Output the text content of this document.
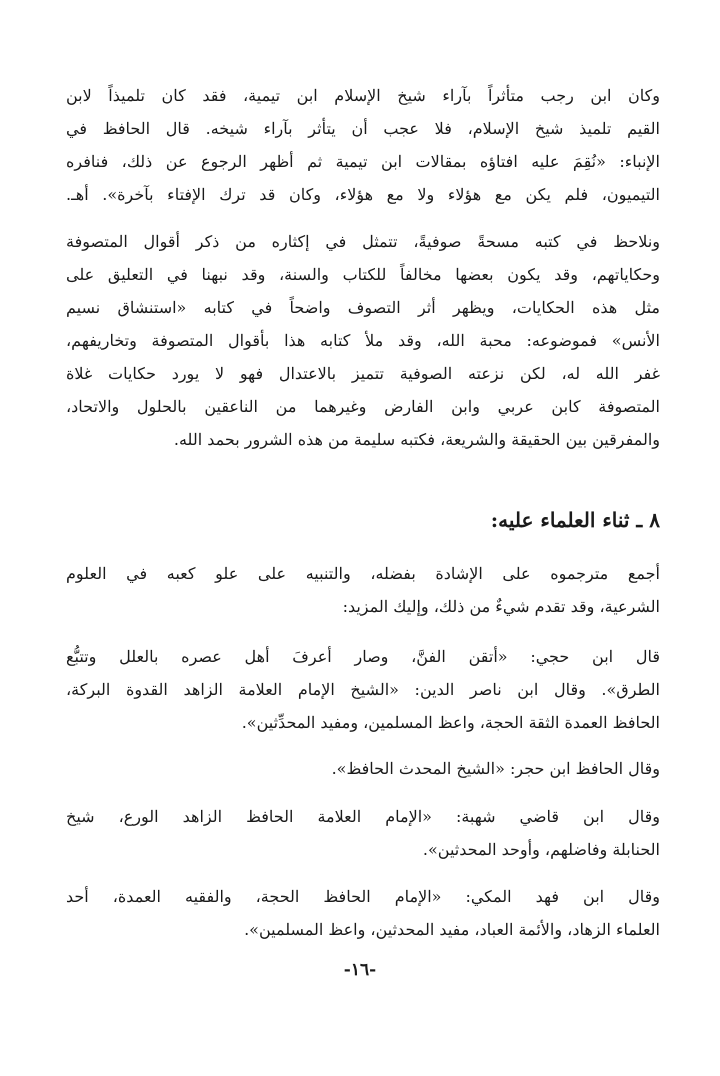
وكان ابن رجب متأثراً بآراء شيخ الإسلام ابن تيمية، فقد كان تلميذاً لابن
القيم تلميذ شيخ الإسلام، فلا عجب أن يتأثر بآراء شيخه. قال الحافظ في
الإنباء: «نُقِمَ عليه افتاؤه بمقالات ابن تيمية ثم أظهر الرجوع عن ذلك، فنافره
التيميون، فلم يكن مع هؤلاء ولا مع هؤلاء، وكان قد ترك الإفتاء بآخرة». أهـ.

ونلاحظ في كتبه مسحةً صوفيةً، تتمثل في إكثاره من ذكر أقوال المتصوفة
وحكاياتهم، وقد يكون بعضها مخالفاً للكتاب والسنة، وقد نبهنا في التعليق على
مثل هذه الحكايات، ويظهر أثر التصوف واضحاً في كتابه «استنشاق نسيم
الأنس» فموضوعه: محبة الله، وقد ملأ كتابه هذا بأقوال المتصوفة وتخاريفهم،
غفر الله له، لكن نزعته الصوفية تتميز بالاعتدال فهو لا يورد حكايات غلاة
المتصوفة كابن عربي وابن الفارض وغيرهما من الناعقين بالحلول والاتحاد،
والمفرقين بين الحقيقة والشريعة، فكتبه سليمة من هذه الشرور بحمد الله.

٨ ـ ثناء العلماء عليه:

أجمع مترجموه على الإشادة بفضله، والتنبيه على علو كعبه في العلوم
الشرعية، وقد تقدم شيءٌ من ذلك، وإليك المزيد:

قال ابن حجي: «أتقن الفنَّ، وصار أعرفَ أهل عصره بالعلل وتتبُّع
الطرق». وقال ابن ناصر الدين: «الشيخ الإمام العلامة الزاهد القدوة البركة،
الحافظ العمدة الثقة الحجة، واعظ المسلمين، ومفيد المحدِّثين».

وقال الحافظ ابن حجر: «الشيخ المحدث الحافظ».

وقال ابن قاضي شهبة: «الإمام العلامة الحافظ الزاهد الورع، شيخ
الحنابلة وفاضلهم، وأوحد المحدثين».

وقال ابن فهد المكي: «الإمام الحافظ الحجة، والفقيه العمدة، أحد
العلماء الزهاد، والأئمة العباد، مفيد المحدثين، واعظ المسلمين».

-١٦-
